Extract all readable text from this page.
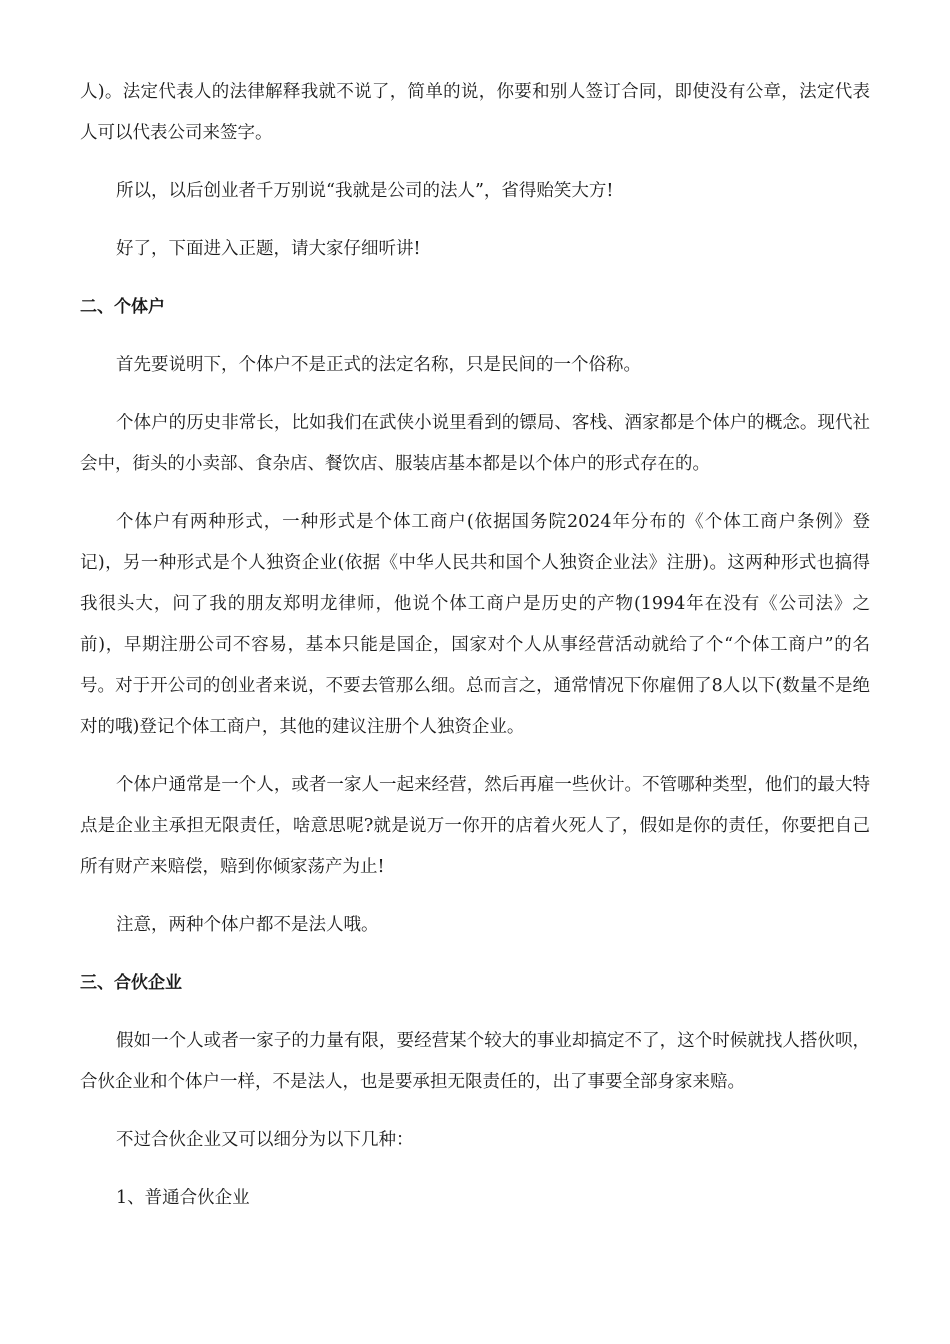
人)。法定代表人的法律解释我就不说了，简单的说，你要和别人签订合同，即使没有公章，法定代表人可以代表公司来签字。

所以，以后创业者千万别说“我就是公司的法人”，省得贻笑大方!

好了，下面进入正题，请大家仔细听讲!

二、个体户

首先要说明下，个体户不是正式的法定名称，只是民间的一个俗称。

个体户的历史非常长，比如我们在武侠小说里看到的镖局、客栈、酒家都是个体户的概念。现代社会中，街头的小卖部、食杂店、餐饮店、服装店基本都是以个体户的形式存在的。

个体户有两种形式，一种形式是个体工商户(依据国务院2024年分布的《个体工商户条例》登记)，另一种形式是个人独资企业(依据《中华人民共和国个人独资企业法》注册)。这两种形式也搞得我很头大，问了我的朋友郑明龙律师，他说个体工商户是历史的产物(1994年在没有《公司法》之前)，早期注册公司不容易，基本只能是国企，国家对个人从事经营活动就给了个“个体工商户”的名号。对于开公司的创业者来说，不要去管那么细。总而言之，通常情况下你雇佣了8人以下(数量不是绝对的哦)登记个体工商户，其他的建议注册个人独资企业。

个体户通常是一个人，或者一家人一起来经营，然后再雇一些伙计。不管哪种类型，他们的最大特点是企业主承担无限责任，啥意思呢?就是说万一你开的店着火死人了，假如是你的责任，你要把自己所有财产来赔偿，赔到你倾家荡产为止!

注意，两种个体户都不是法人哦。

三、合伙企业

假如一个人或者一家子的力量有限，要经营某个较大的事业却搞定不了，这个时候就找人搭伙呗，合伙企业和个体户一样，不是法人，也是要承担无限责任的，出了事要全部身家来赔。

不过合伙企业又可以细分为以下几种：

1、普通合伙企业
